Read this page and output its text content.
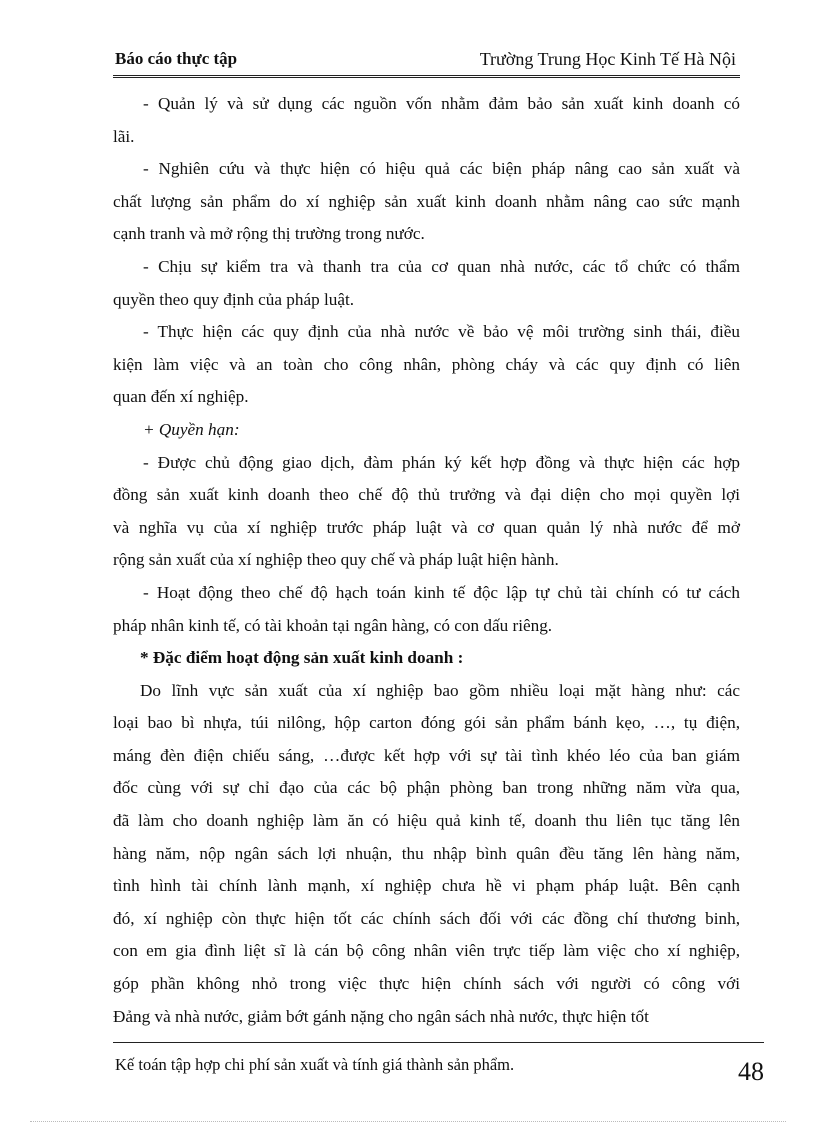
Báo cáo thực tập	Trường Trung Học Kinh Tế Hà Nội
- Quản lý và sử dụng các nguồn vốn nhằm đảm bảo sản xuất kinh doanh có
lãi.
- Nghiên cứu và thực hiện có hiệu quả các biện pháp nâng cao sản xuất và
chất lượng sản phẩm do xí nghiệp sản xuất kinh doanh nhằm nâng cao sức mạnh
cạnh tranh và mở rộng thị trường trong nước.
- Chịu sự kiểm tra và thanh tra của cơ quan nhà nước, các tổ chức có thẩm
quyền theo quy định của pháp luật.
- Thực hiện các quy định của nhà nước về bảo vệ môi trường sinh thái, điều
kiện làm việc và an toàn cho công nhân, phòng cháy và các quy định có liên
quan đến xí nghiệp.
+ Quyền hạn:
- Được chủ động giao dịch, đàm phán ký kết hợp đồng và thực hiện các hợp
đồng sản xuất kinh doanh theo chế độ thủ trưởng và đại diện cho mọi quyền lợi
và nghĩa vụ của xí nghiệp trước pháp luật và cơ quan quản lý nhà nước để mở
rộng sản xuất của xí nghiệp theo quy chế và pháp luật hiện hành.
- Hoạt động theo chế độ hạch toán kinh tế độc lập tự chủ tài chính có tư cách
pháp nhân kinh tế, có tài khoản tại ngân hàng, có con dấu riêng.
* Đặc điểm hoạt động sản xuất kinh doanh :
Do lĩnh vực sản xuất của xí nghiệp bao gồm nhiều loại mặt hàng như: các
loại bao bì nhựa, túi nilông, hộp carton đóng gói sản phẩm bánh kẹo, …, tụ điện,
máng đèn điện chiếu sáng, …được kết hợp với sự tài tình khéo léo của ban giám
đốc cùng với sự chỉ đạo của các bộ phận phòng ban trong những năm vừa qua,
đã làm cho doanh nghiệp làm ăn có hiệu quả kinh tế, doanh thu liên tục tăng lên
hàng năm, nộp ngân sách lợi nhuận, thu nhập bình quân đều tăng lên hàng năm,
tình hình tài chính lành mạnh, xí nghiệp chưa hề vi phạm pháp luật. Bên cạnh
đó, xí nghiệp còn thực hiện tốt các chính sách đối với các đồng chí thương binh,
con em gia đình liệt sĩ là cán bộ công nhân viên trực tiếp làm việc cho xí nghiệp,
góp phần không nhỏ trong việc thực hiện chính sách với người có công với
Đảng và nhà nước, giảm bớt gánh nặng cho ngân sách nhà nước, thực hiện tốt
Kế toán tập hợp chi phí sản xuất và tính giá thành sản phẩm.	48
